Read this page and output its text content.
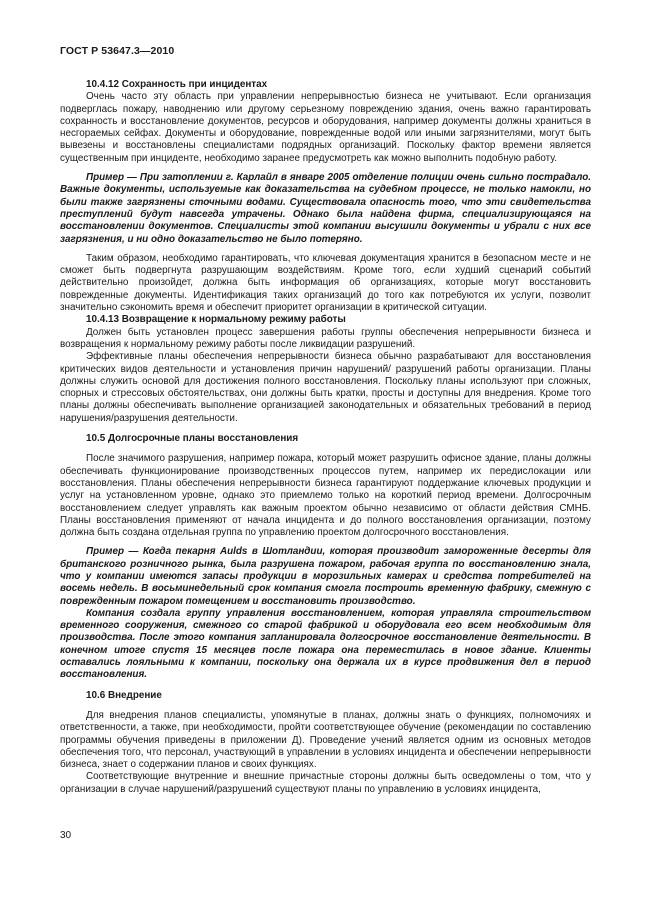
ГОСТ Р 53647.3—2010
10.4.12 Сохранность при инцидентах

Очень часто эту область при управлении непрерывностью бизнеса не учитывают. Если организация подверглась пожару, наводнению или другому серьезному повреждению здания, очень важно гарантировать сохранность и восстановление документов, ресурсов и оборудования, например документы должны храниться в несгораемых сейфах. Документы и оборудование, поврежденные водой или иными загрязнителями, могут быть вывезены и восстановлены специалистами подрядных организаций. Поскольку фактор времени является существенным при инциденте, необходимо заранее предусмотреть как можно выполнить подобную работу.

Пример — При затоплении г. Карлайл в январе 2005 отделение полиции очень сильно пострадало. Важные документы, используемые как доказательства на судебном процессе, не только намокли, но были также загрязнены сточными водами. Существовала опасность того, что эти свидетельства преступлений будут навсегда утрачены. Однако была найдена фирма, специализирующаяся на восстановлении документов. Специалисты этой компании высушили документы и убрали с них все загрязнения, и ни одно доказательство не было потеряно.

Таким образом, необходимо гарантировать, что ключевая документация хранится в безопасном месте и не сможет быть подвергнута разрушающим воздействиям. Кроме того, если худший сценарий событий действительно произойдет, должна быть информация об организациях, которые могут восстановить поврежденные документы. Идентификация таких организаций до того как потребуются их услуги, позволит значительно сэкономить время и обеспечит приоритет организации в критической ситуации.

10.4.13 Возвращение к нормальному режиму работы

Должен быть установлен процесс завершения работы группы обеспечения непрерывности бизнеса и возвращения к нормальному режиму работы после ликвидации разрушений.

Эффективные планы обеспечения непрерывности бизнеса обычно разрабатывают для восстановления критических видов деятельности и установления причин нарушений/ разрушений работы организации. Планы должны служить основой для достижения полного восстановления. Поскольку планы используют при сложных, спорных и стрессовых обстоятельствах, они должны быть кратки, просты и доступны для внедрения. Кроме того планы должны обеспечивать выполнение организацией законодательных и обязательных требований в период нарушения/разрушения деятельности.

10.5 Долгосрочные планы восстановления

После значимого разрушения, например пожара, который может разрушить офисное здание, планы должны обеспечивать функционирование производственных процессов путем, например их передислокации или восстановления. Планы обеспечения непрерывности бизнеса гарантируют поддержание ключевых продукции и услуг на установленном уровне, однако это приемлемо только на короткий период времени. Долгосрочным восстановлением следует управлять как важным проектом обычно независимо от области действия СМНБ. Планы восстановления применяют от начала инцидента и до полного восстановления организации, поэтому должна быть создана отдельная группа по управлению проектом долгосрочного восстановления.

Пример — Когда пекарня Aulds в Шотландии, которая производит замороженные десерты для британского розничного рынка, была разрушена пожаром, рабочая группа по восстановлению знала, что у компании имеются запасы продукции в морозильных камерах и средства потребителей на восемь недель. В восьминедельный срок компания смогла построить временную фабрику, смежную с поврежденным пожаром помещением и восстановить производство.

Компания создала группу управления восстановлением, которая управляла строительством временного сооружения, смежного со старой фабрикой и оборудовала его всем необходимым для производства. После этого компания запланировала долгосрочное восстановление деятельности. В конечном итоге спустя 15 месяцев после пожара она переместилась в новое здание. Клиенты оставались лояльными к компании, поскольку она держала их в курсе продвижения дел в период восстановления.

10.6 Внедрение

Для внедрения планов специалисты, упомянутые в планах, должны знать о функциях, полномочиях и ответственности, а также, при необходимости, пройти соответствующее обучение (рекомендации по составлению программы обучения приведены в приложении Д). Проведение учений является одним из основных методов обеспечения того, что персонал, участвующий в управлении в условиях инцидента и обеспечении непрерывности бизнеса, знает о содержании планов и своих функциях.

Соответствующие внутренние и внешние причастные стороны должны быть осведомлены о том, что у организации в случае нарушений/разрушений существуют планы по управлению в условиях инцидента,

30
